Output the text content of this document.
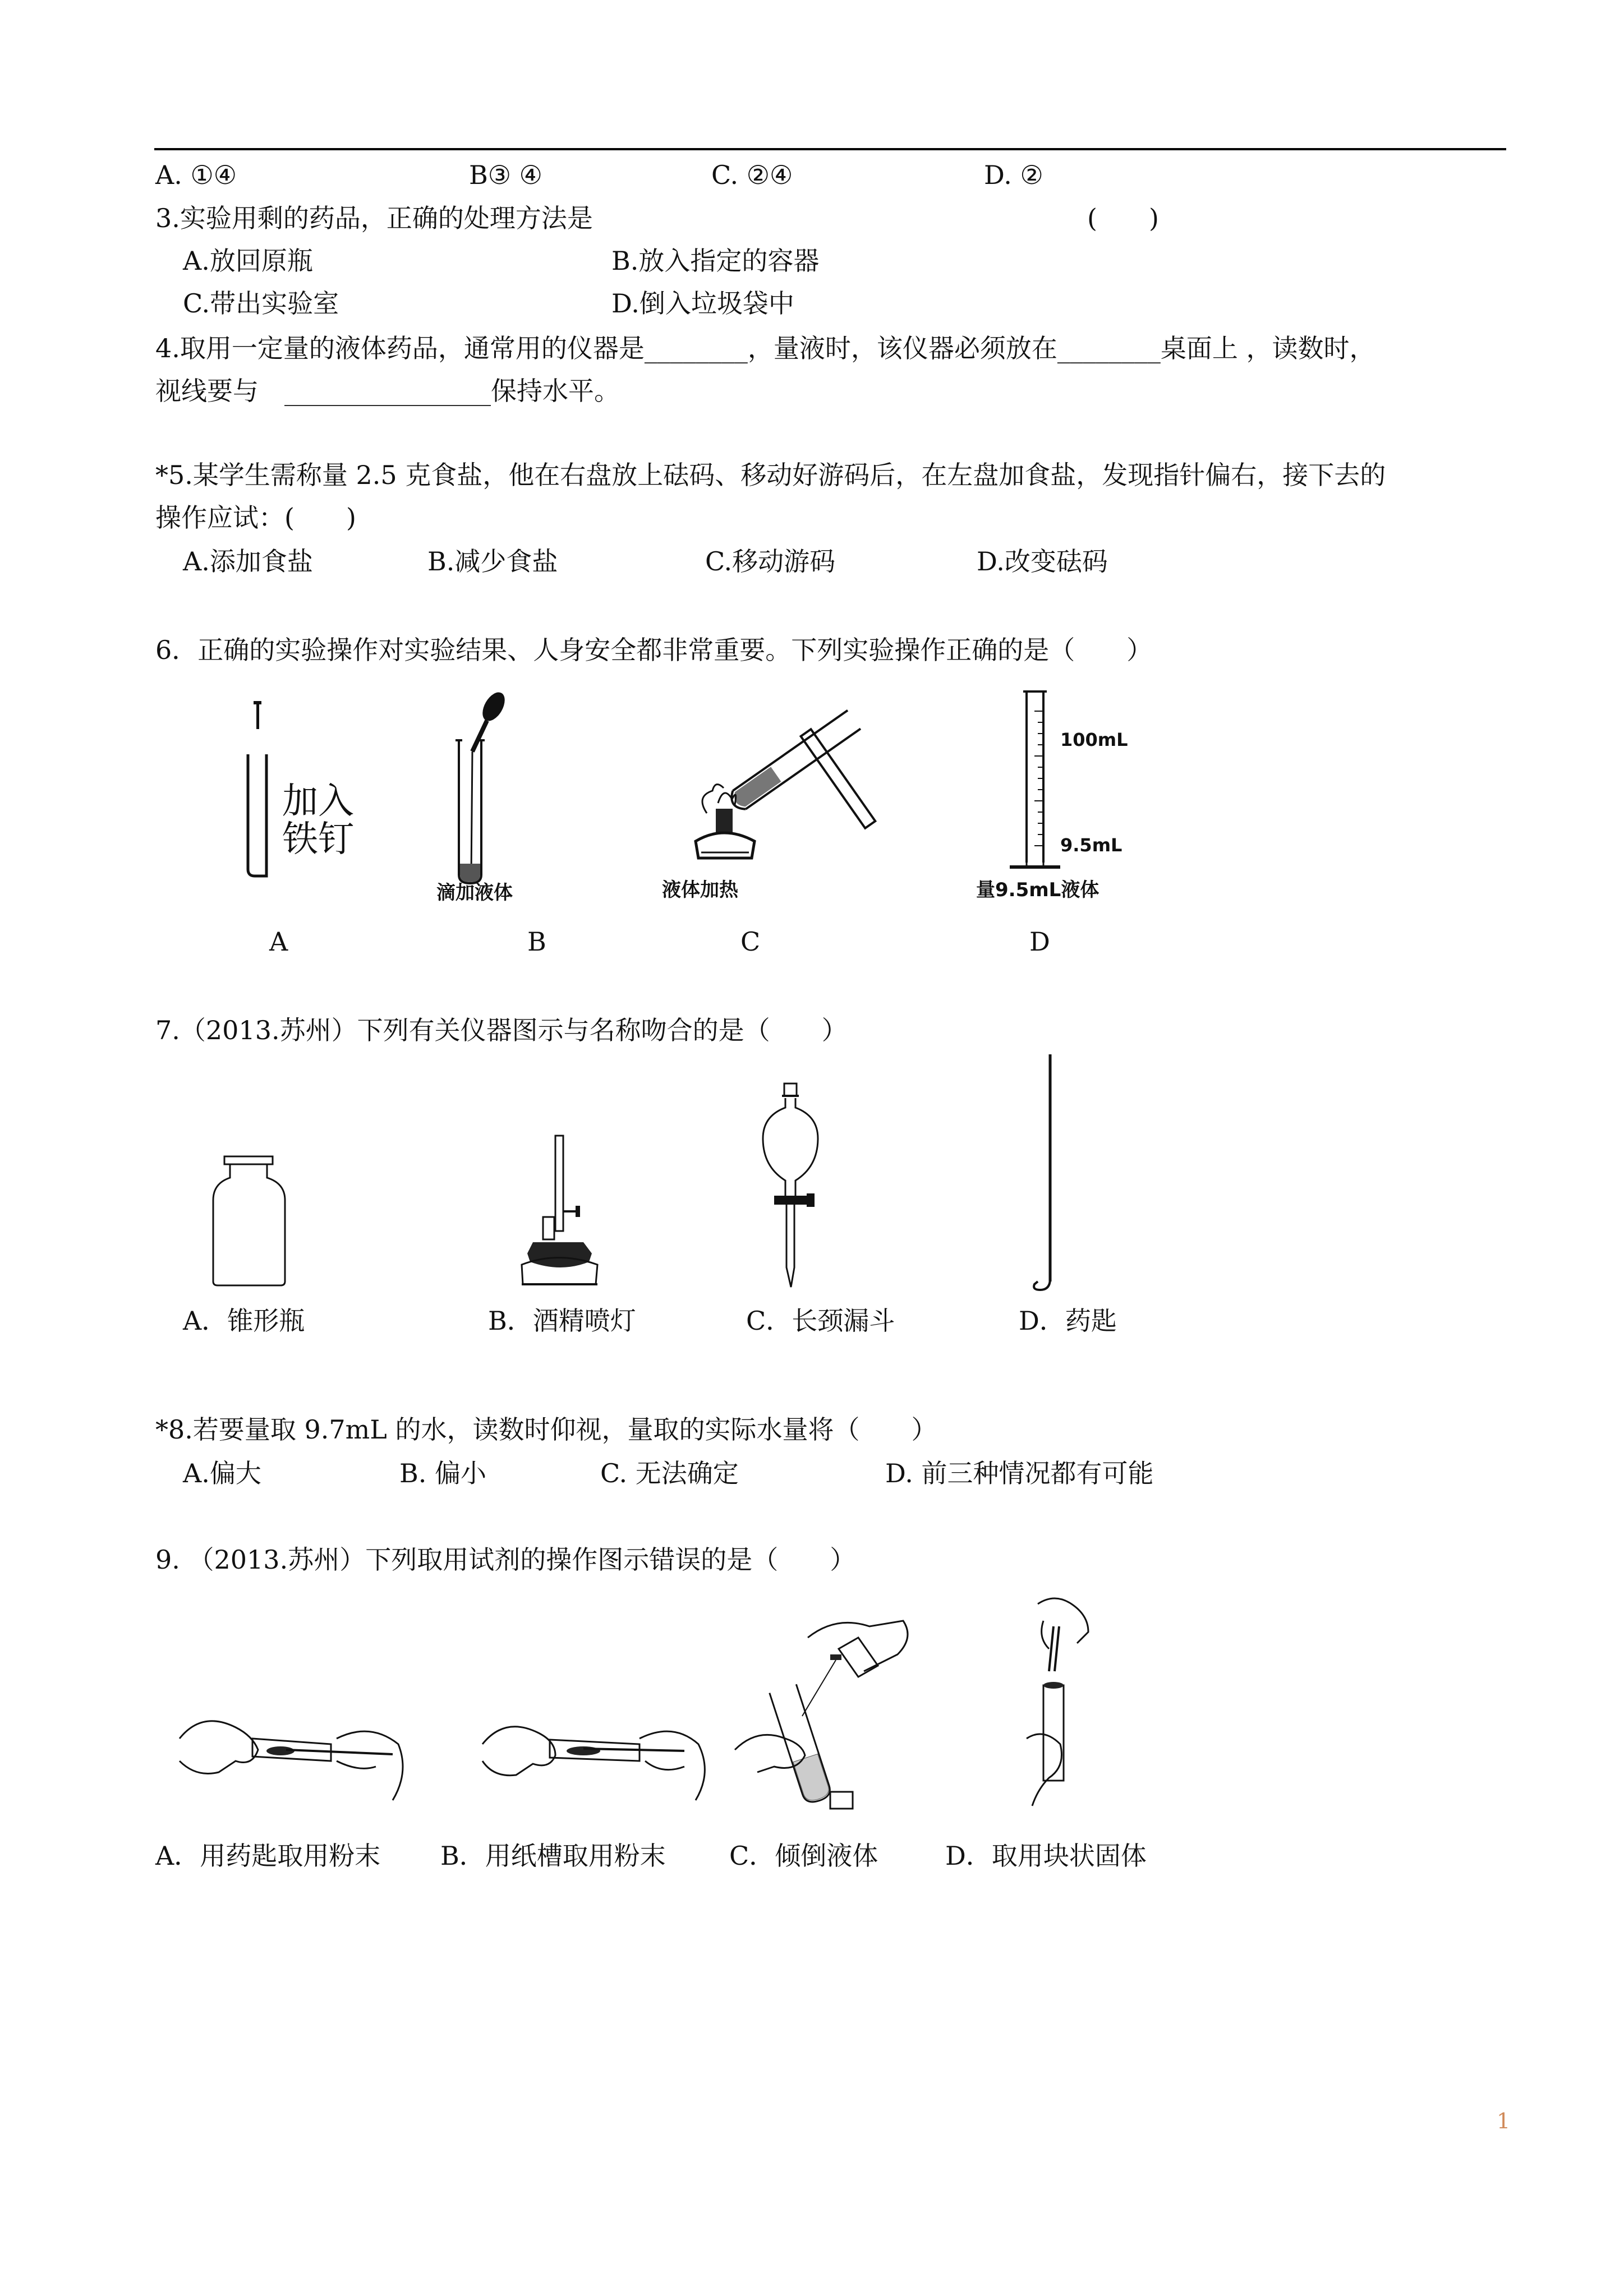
A. ①④	B③ ④	C. ②④	D. ②
3.实验用剩的药品，正确的处理方法是	(　　)
A.放回原瓶	B.放入指定的容器
C.带出实验室	D.倒入垃圾袋中
4.取用一定量的液体药品，通常用的仪器是________，量液时，该仪器必须放在________桌面上 ，读数时，
视线要与　________________保持水平。
*5.某学生需称量 2.5 克食盐，他在右盘放上砝码、移动好游码后，在左盘加食盐，发现指针偏右，接下去的
操作应试：(　　)
A.添加食盐	B.减少食盐	C.移动游码	D.改变砝码
6．正确的实验操作对实验结果、人身安全都非常重要。下列实验操作正确的是（　　）
加入
铁钉
滴加液体	液体加热
100mL
9.5mL
量9.5mL液体
A	B	C	D
7.（2013.苏州）下列有关仪器图示与名称吻合的是（　　）
A．锥形瓶	B．酒精喷灯	C．长颈漏斗	D．药匙
*8.若要量取 9.7mL 的水，读数时仰视，量取的实际水量将（　　）
A.偏大	B. 偏小	C. 无法确定	D. 前三种情况都有可能
9. （2013.苏州）下列取用试剂的操作图示错误的是（　　）
A．用药匙取用粉末 B．用纸槽取用粉末 C．倾倒液体	D．取用块状固体
1
